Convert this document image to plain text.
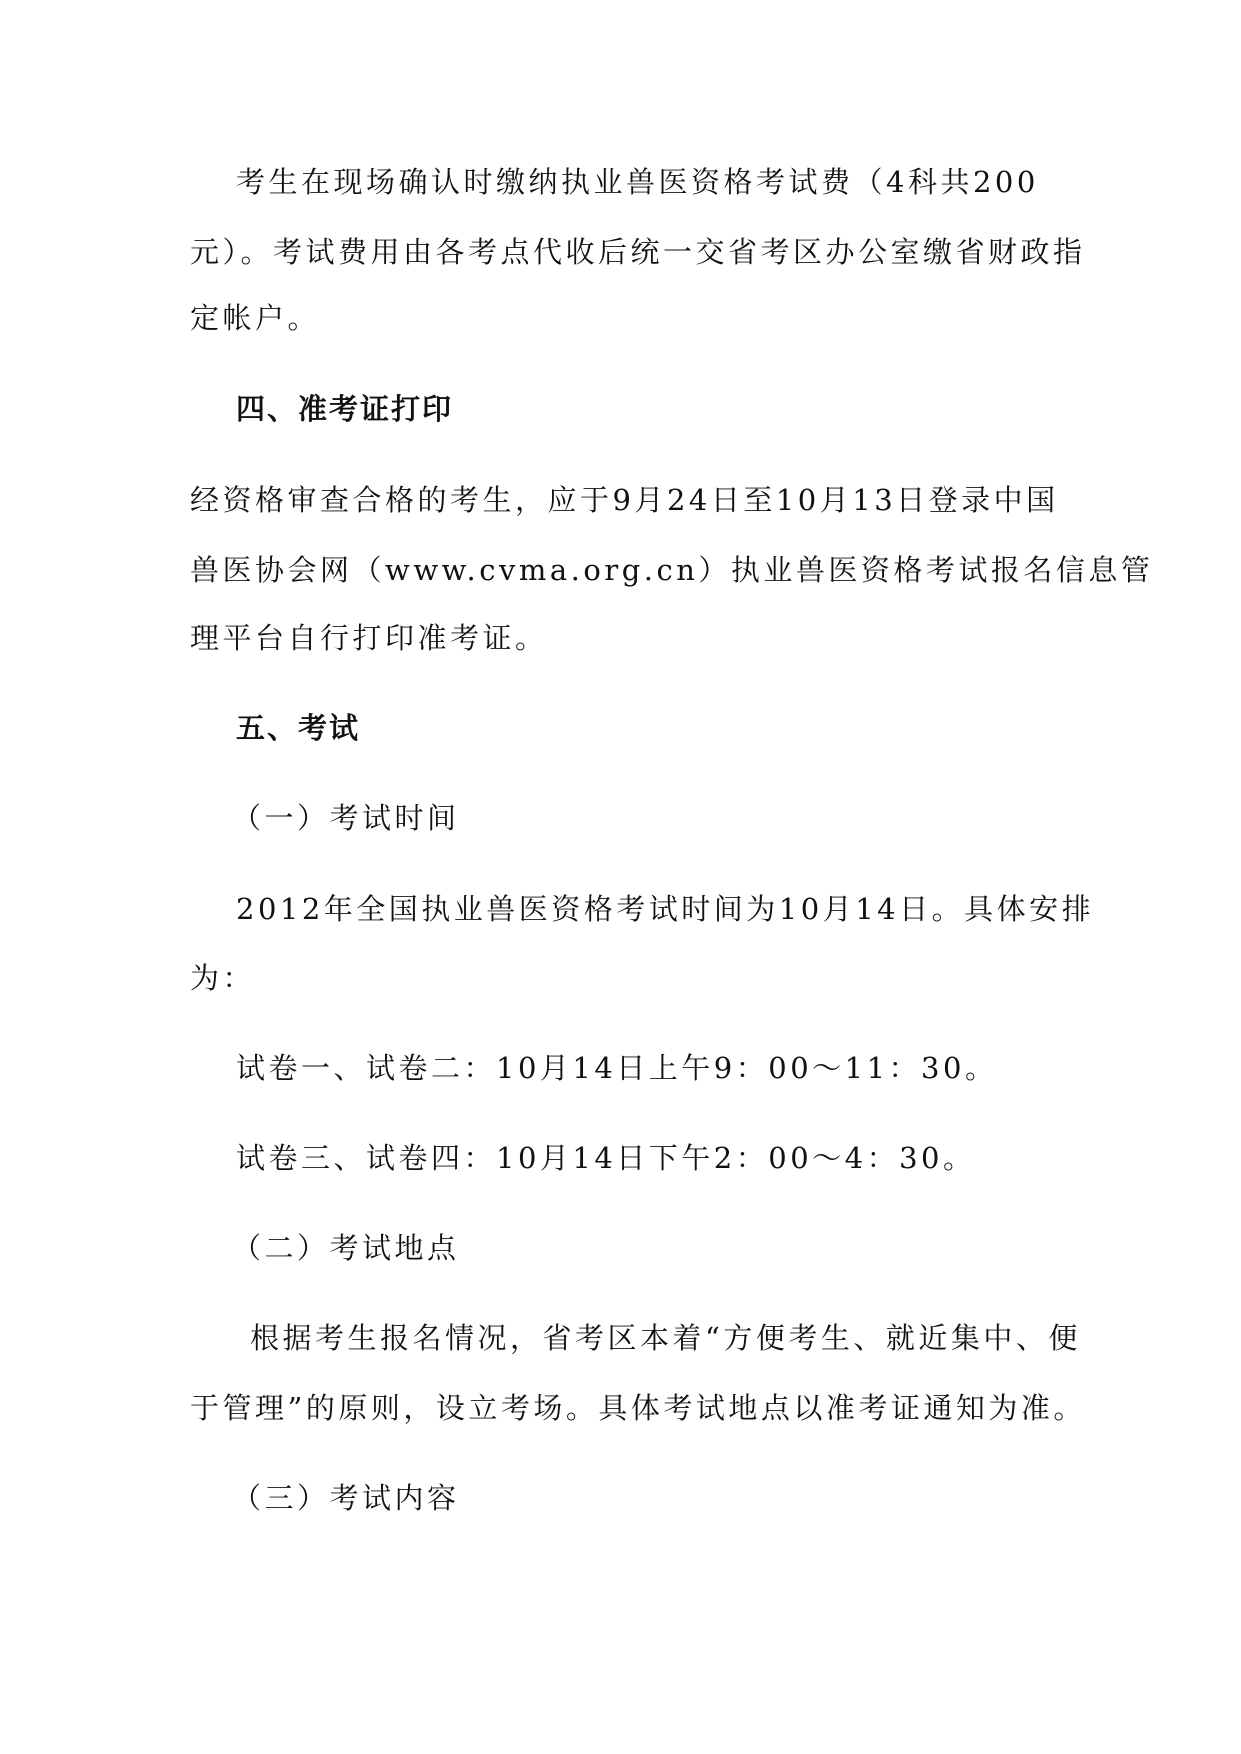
考生在现场确认时缴纳执业兽医资格考试费（4科共200
元）。考试费用由各考点代收后统一交省考区办公室缴省财政指
定帐户。
四、准考证打印
经资格审查合格的考生，应于9月24日至10月13日登录中国
兽医协会网（www.cvma.org.cn）执业兽医资格考试报名信息管
理平台自行打印准考证。
五、考试
（一）考试时间
2012年全国执业兽医资格考试时间为10月14日。具体安排
为：
试卷一、试卷二：10月14日上午9：00～11：30。
试卷三、试卷四：10月14日下午2：00～4：30。
（二）考试地点
根据考生报名情况，省考区本着“方便考生、就近集中、便
于管理”的原则，设立考场。具体考试地点以准考证通知为准。
（三）考试内容
